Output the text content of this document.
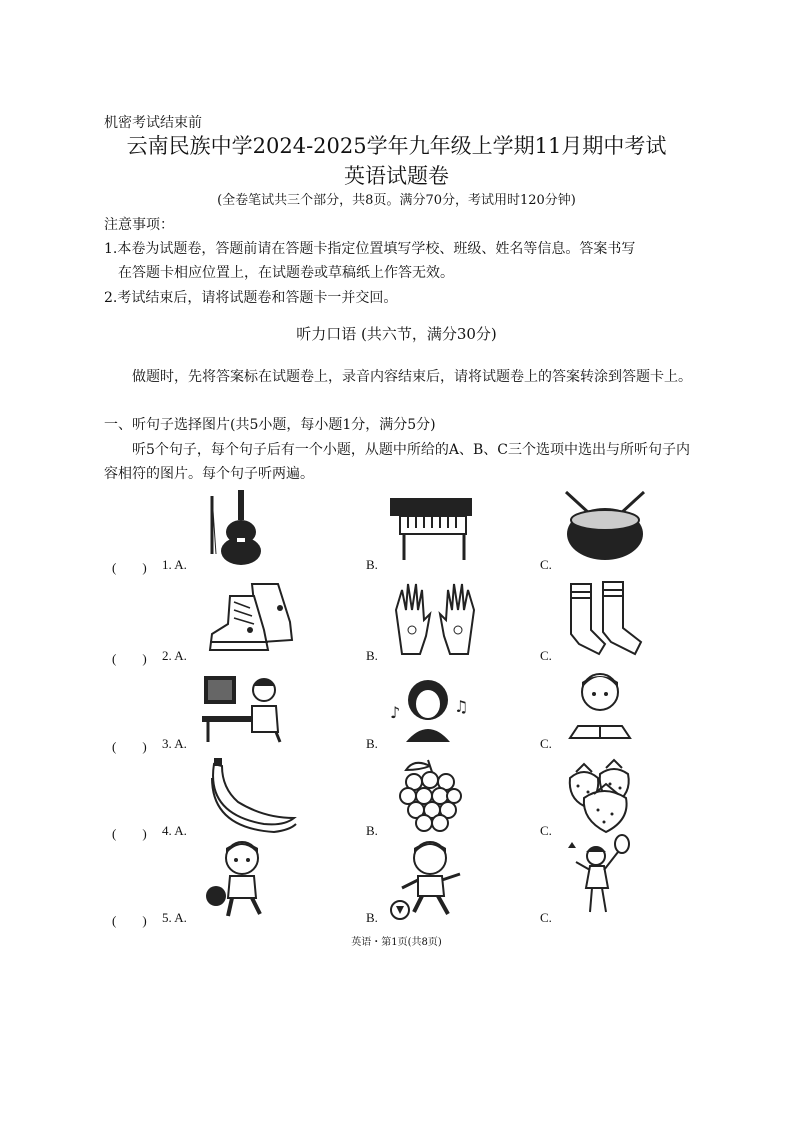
机密考试结束前
云南民族中学2024-2025学年九年级上学期11月期中考试
英语试题卷
(全卷笔试共三个部分，共8页。满分70分，考试用时120分钟)
注意事项：
1.本卷为试题卷，答题前请在答题卡指定位置填写学校、班级、姓名等信息。答案书写
在答题卡相应位置上，在试题卷或草稿纸上作答无效。
2.考试结束后，请将试题卷和答题卡一并交回。
听力口语 (共六节，满分30分)
做题时，先将答案标在试题卷上，录音内容结束后，请将试题卷上的答案转涂到答题卡上。
一、听句子选择图片(共5小题，每小题1分，满分5分)
听5个句子，每个句子后有一个小题，从题中所给的A、B、C三个选项中选出与所听句子内容相符的图片。每个句子听两遍。
(　　) 1. A.	B.	C.
(　　) 2. A.	B.	C.
(　　) 3. A.	B.	C.
♪	♫
(　　) 4. A.	B.	C.
(　　) 5. A.	B.	C.
英语・第1页(共8页)
